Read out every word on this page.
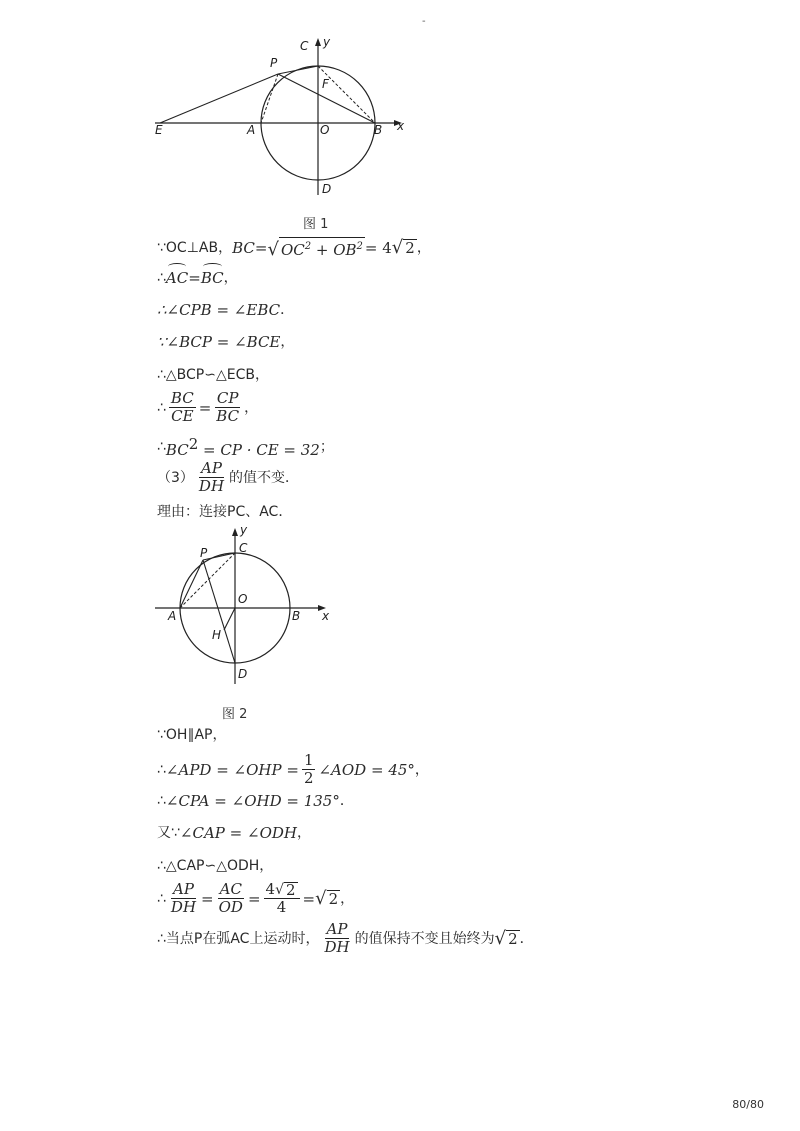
-
C y
P
F
E	A	O	B x
D
图 1
∵OC⊥AB， BC = √ $OC^2 + OB^2 = 4$ √ 2 ，
∴ AC = BC ，
∴∠CPB = ∠EBC ．
∵∠BCP = ∠BCE ，
∴△BCP∽△ECB，
∴ $\frac{BC}{CE} = \frac{CP}{BC}$ ，
∴ $BC^2$ = CP · CE = 32 ；
$(3) \frac{AP}{DH}$ 的值不变．
理由：连接PC、AC．
y
P	C
O
A	B x
H
D
图 2
∵OH∥AP，
∴ ∠APD = ∠OHP = $\frac{1}{2}$ ∠AOD = 45° ，
∴ ∠CPA = ∠OHD = 135° ．
又∵ ∠CAP = ∠ODH ，
∴△CAP∽△ODH，
∴ $\frac{AP}{DH} = \frac{AC}{OD} = \frac{4 √ 2}{4}$ = √ 2 ，
∴当点P在弧AC上运动时， $\frac{AP}{DH}$ 的值保持不变且始终为 √ 2 ．
80/80
